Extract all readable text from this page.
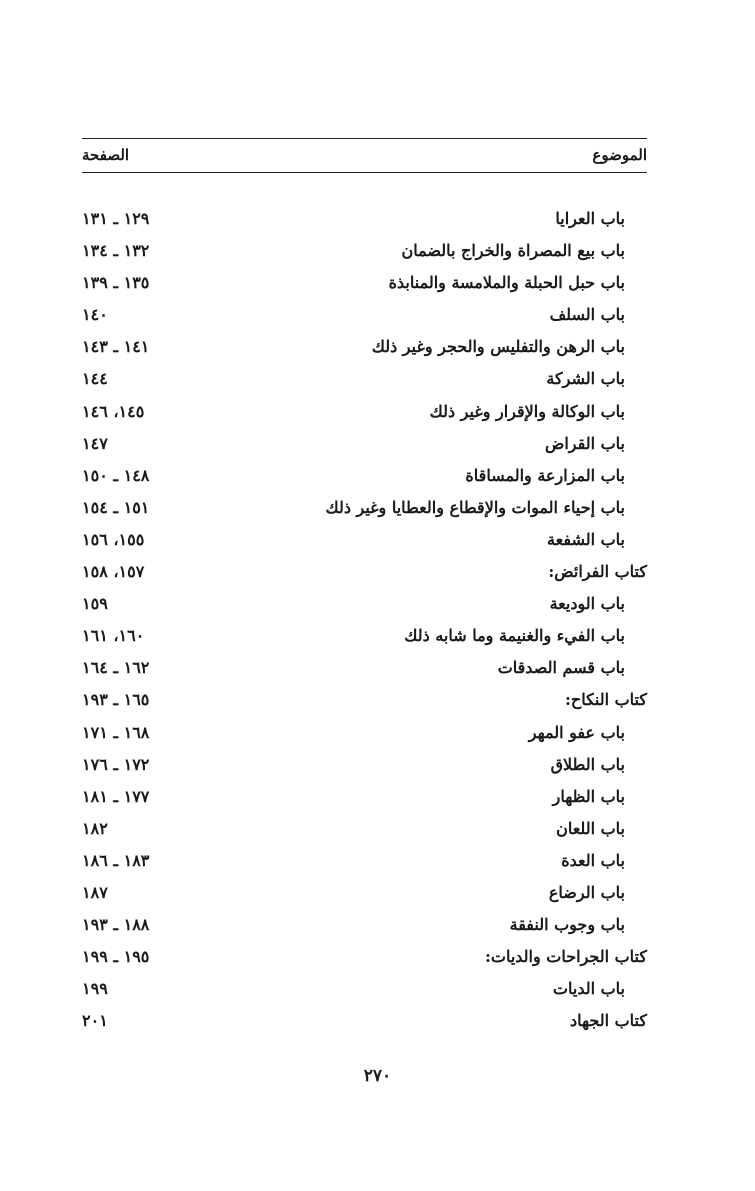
الموضوع
الصفحة
باب العرايا
١٢٩ ـ ١٣١
باب بيع المصراة والخراج بالضمان
١٣٢ ـ ١٣٤
باب حبل الحبلة والملامسة والمنابذة
١٣٥ ـ ١٣٩
باب السلف
١٤٠
باب الرهن والتفليس والحجر وغير ذلك
١٤١ ـ ١٤٣
باب الشركة
١٤٤
باب الوكالة والإقرار وغير ذلك
١٤٥، ١٤٦
باب القراض
١٤٧
باب المزارعة والمساقاة
١٤٨ ـ ١٥٠
باب إحياء الموات والإقطاع والعطايا وغير ذلك
١٥١ ـ ١٥٤
باب الشفعة
١٥٥، ١٥٦
كتاب الفرائض:
١٥٧، ١٥٨
باب الوديعة
١٥٩
باب الفيء والغنيمة وما شابه ذلك
١٦٠، ١٦١
باب قسم الصدقات
١٦٢ ـ ١٦٤
كتاب النكاح:
١٦٥ ـ ١٩٣
باب عفو المهر
١٦٨ ـ ١٧١
باب الطلاق
١٧٢ ـ ١٧٦
باب الظهار
١٧٧ ـ ١٨١
باب اللعان
١٨٢
باب العدة
١٨٣ ـ ١٨٦
باب الرضاع
١٨٧
باب وجوب النفقة
١٨٨ ـ ١٩٣
كتاب الجراحات والديات:
١٩٥ ـ ١٩٩
باب الديات
١٩٩
كتاب الجهاد
٢٠١
٢٧٠
